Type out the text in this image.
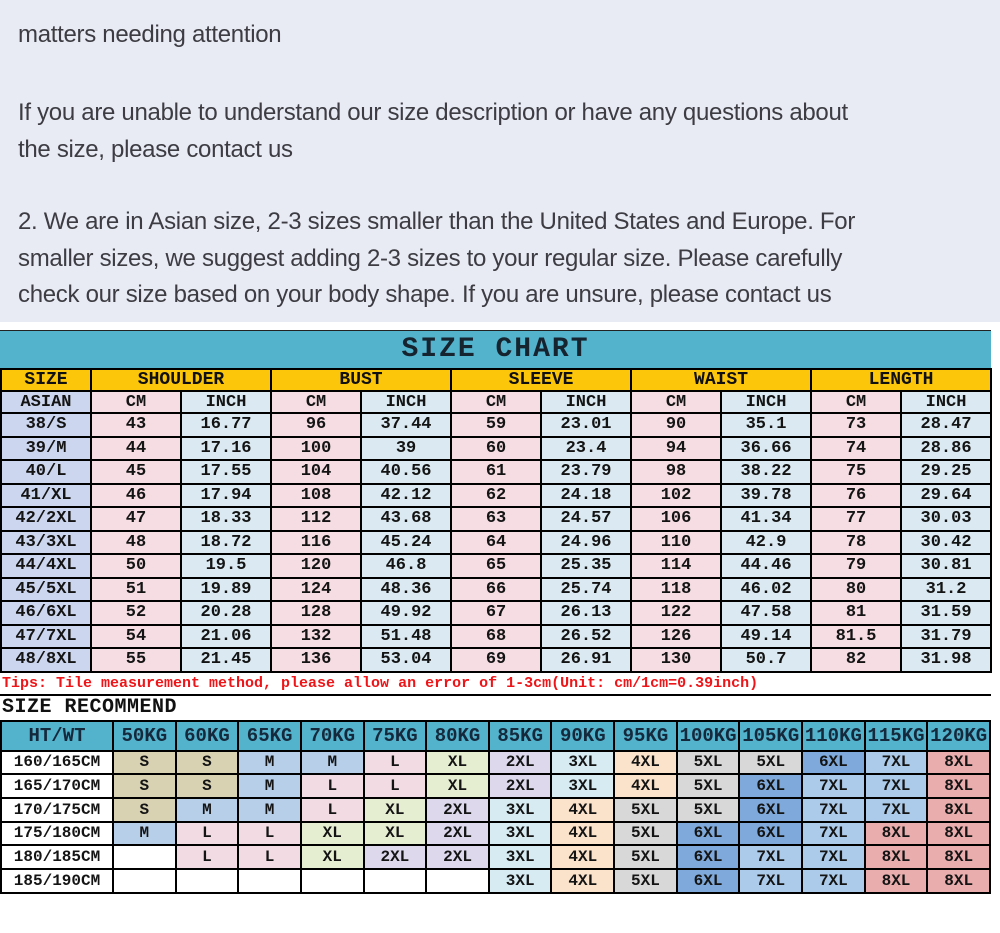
matters needing attention
If you are unable to understand our size description or have any questions about
the size, please contact us
2. We are in Asian size, 2-3 sizes smaller than the United States and Europe. For
smaller sizes, we suggest adding 2-3 sizes to your regular size. Please carefully
check our size based on your body shape. If you are unsure, please contact us
SIZE CHART
SIZE	SHOULDER		BUST		SLEEVE		WAIST		LENGTH	
ASIAN	CM	INCH	CM	INCH	CM	INCH	CM	INCH	CM	INCH
38/S	43	16.77	96	37.44	59	23.01	90	35.1	73	28.47
39/M	44	17.16	100	39	60	23.4	94	36.66	74	28.86
40/L	45	17.55	104	40.56	61	23.79	98	38.22	75	29.25
41/XL	46	17.94	108	42.12	62	24.18	102	39.78	76	29.64
42/2XL	47	18.33	112	43.68	63	24.57	106	41.34	77	30.03
43/3XL	48	18.72	116	45.24	64	24.96	110	42.9	78	30.42
44/4XL	50	19.5	120	46.8	65	25.35	114	44.46	79	30.81
45/5XL	51	19.89	124	48.36	66	25.74	118	46.02	80	31.2
46/6XL	52	20.28	128	49.92	67	26.13	122	47.58	81	31.59
47/7XL	54	21.06	132	51.48	68	26.52	126	49.14	81.5	31.79
48/8XL	55	21.45	136	53.04	69	26.91	130	50.7	82	31.98
Tips: Tile measurement method, please allow an error of 1-3cm(Unit: cm/1cm=0.39inch)
SIZE RECOMMEND
HT/WT	50KG	60KG	65KG	70KG	75KG	80KG	85KG	90KG	95KG	100KG	105KG	110KG	115KG	120KG
160/165CM	S	S	M	M	L	XL	2XL	3XL	4XL	5XL	5XL	6XL	7XL	8XL
165/170CM	S	S	M	L	L	XL	2XL	3XL	4XL	5XL	6XL	7XL	7XL	8XL
170/175CM	S	M	M	L	XL	2XL	3XL	4XL	5XL	5XL	6XL	7XL	7XL	8XL
175/180CM	M	L	L	XL	XL	2XL	3XL	4XL	5XL	6XL	6XL	7XL	8XL	8XL
180/185CM		L	L	XL	2XL	2XL	3XL	4XL	5XL	6XL	7XL	7XL	8XL	8XL
185/190CM							3XL	4XL	5XL	6XL	7XL	7XL	8XL	8XL
